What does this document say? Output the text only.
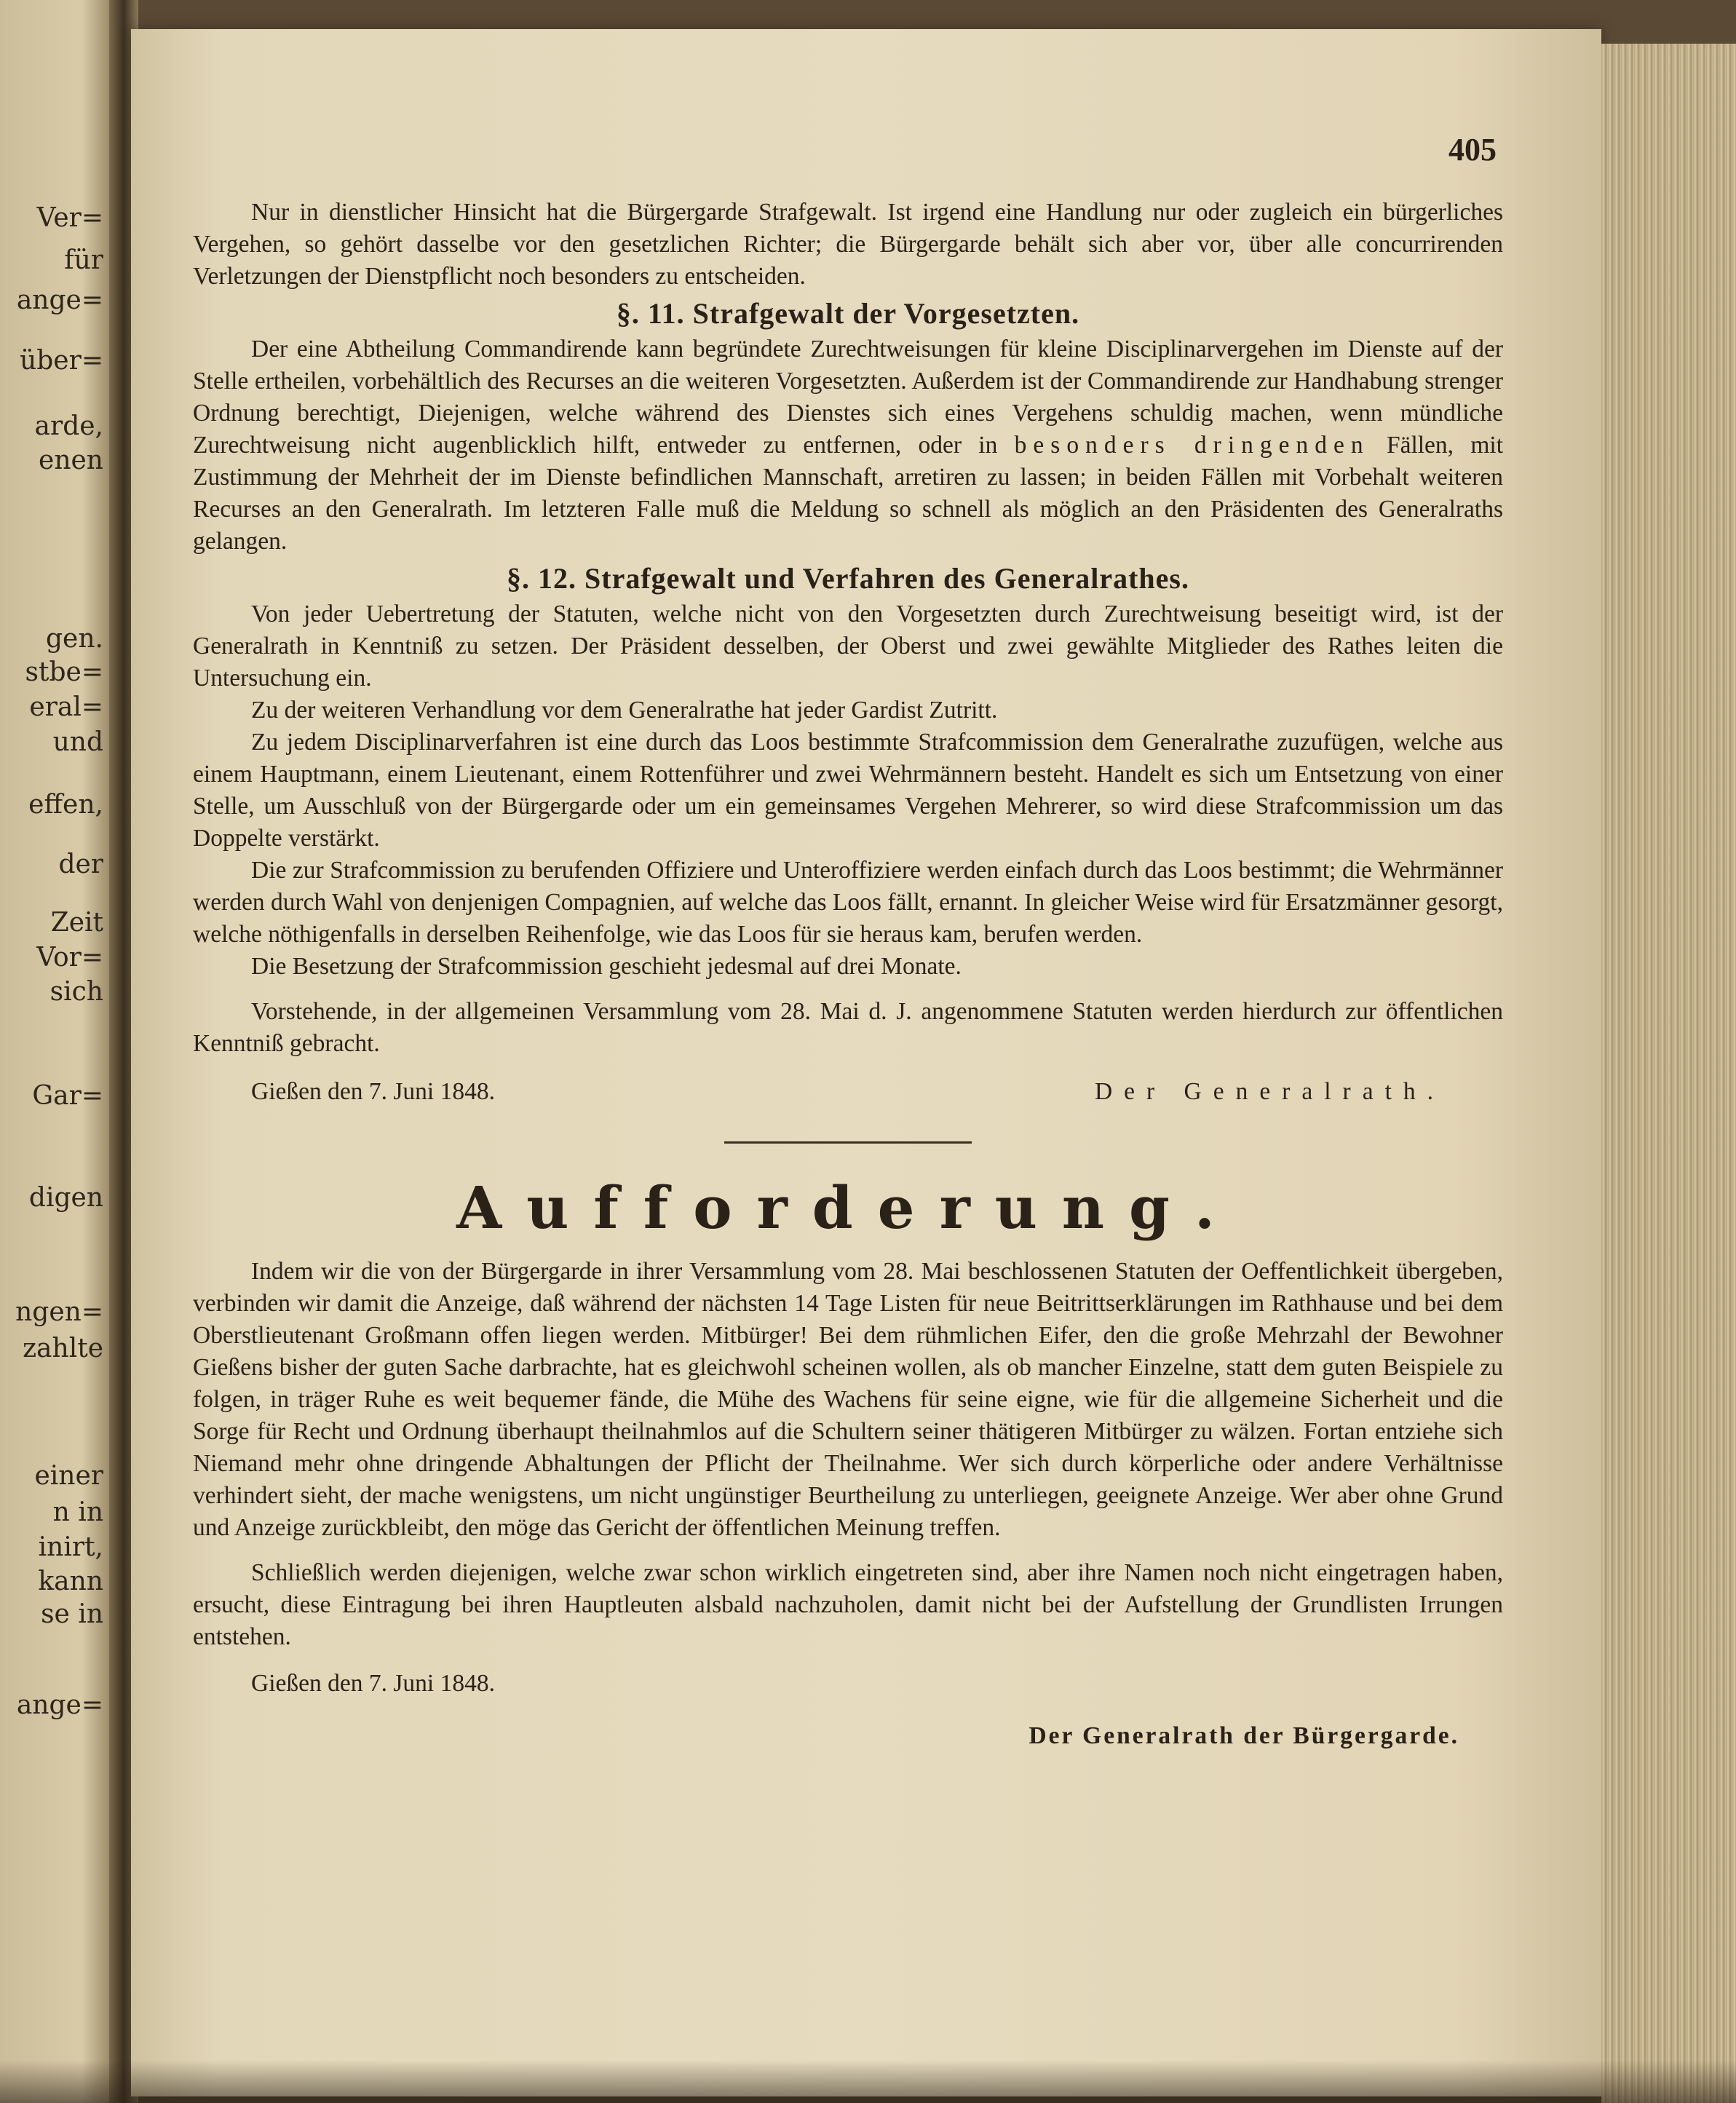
Ver=
für
ange=
über=
arde,
enen
gen.
stbe=
eral=
und
effen,
der
Zeit
Vor=
sich
Gar=
digen
ngen=
zahlte
einer
n in
inirt,
kann
se in
ange=
405

Nur in dienstlicher Hinsicht hat die Bürgergarde Strafgewalt. Ist irgend eine Handlung nur oder zugleich ein bürgerliches Vergehen, so gehört dasselbe vor den gesetzlichen Richter; die Bürgergarde behält sich aber vor, über alle concurrirenden Verletzungen der Dienstpflicht noch besonders zu entscheiden.

§. 11. Strafgewalt der Vorgesetzten.

Der eine Abtheilung Commandirende kann begründete Zurechtweisungen für kleine Disciplinarvergehen im Dienste auf der Stelle ertheilen, vorbehältlich des Recurses an die weiteren Vorgesetzten. Außerdem ist der Commandirende zur Handhabung strenger Ordnung berechtigt, Diejenigen, welche während des Dienstes sich eines Vergehens schuldig machen, wenn mündliche Zurechtweisung nicht augenblicklich hilft, entweder zu entfernen, oder in besonders dringenden Fällen, mit Zustimmung der Mehrheit der im Dienste befindlichen Mannschaft, arretiren zu lassen; in beiden Fällen mit Vorbehalt weiteren Recurses an den Generalrath. Im letzteren Falle muß die Meldung so schnell als möglich an den Präsidenten des Generalraths gelangen.

§. 12. Strafgewalt und Verfahren des Generalrathes.

Von jeder Uebertretung der Statuten, welche nicht von den Vorgesetzten durch Zurechtweisung beseitigt wird, ist der Generalrath in Kenntniß zu setzen. Der Präsident desselben, der Oberst und zwei gewählte Mitglieder des Rathes leiten die Untersuchung ein.

Zu der weiteren Verhandlung vor dem Generalrathe hat jeder Gardist Zutritt.

Zu jedem Disciplinarverfahren ist eine durch das Loos bestimmte Strafcommission dem Generalrathe zuzufügen, welche aus einem Hauptmann, einem Lieutenant, einem Rottenführer und zwei Wehrmännern besteht. Handelt es sich um Entsetzung von einer Stelle, um Ausschluß von der Bürgergarde oder um ein gemeinsames Vergehen Mehrerer, so wird diese Strafcommission um das Doppelte verstärkt.

Die zur Strafcommission zu berufenden Offiziere und Unteroffiziere werden einfach durch das Loos bestimmt; die Wehrmänner werden durch Wahl von denjenigen Compagnien, auf welche das Loos fällt, ernannt. In gleicher Weise wird für Ersatzmänner gesorgt, welche nöthigenfalls in derselben Reihenfolge, wie das Loos für sie heraus kam, berufen werden.

Die Besetzung der Strafcommission geschieht jedesmal auf drei Monate.

Vorstehende, in der allgemeinen Versammlung vom 28. Mai d. J. angenommene Statuten werden hierdurch zur öffentlichen Kenntniß gebracht.

Gießen den 7. Juni 1848.	Der Generalrath.
Aufforderung.

Indem wir die von der Bürgergarde in ihrer Versammlung vom 28. Mai beschlossenen Statuten der Oeffentlichkeit übergeben, verbinden wir damit die Anzeige, daß während der nächsten 14 Tage Listen für neue Beitrittserklärungen im Rathhause und bei dem Oberstlieutenant Großmann offen liegen werden. Mitbürger! Bei dem rühmlichen Eifer, den die große Mehrzahl der Bewohner Gießens bisher der guten Sache darbrachte, hat es gleichwohl scheinen wollen, als ob mancher Einzelne, statt dem guten Beispiele zu folgen, in träger Ruhe es weit bequemer fände, die Mühe des Wachens für seine eigne, wie für die allgemeine Sicherheit und die Sorge für Recht und Ordnung überhaupt theilnahmlos auf die Schultern seiner thätigeren Mitbürger zu wälzen. Fortan entziehe sich Niemand mehr ohne dringende Abhaltungen der Pflicht der Theilnahme. Wer sich durch körperliche oder andere Verhältnisse verhindert sieht, der mache wenigstens, um nicht ungünstiger Beurtheilung zu unterliegen, geeignete Anzeige. Wer aber ohne Grund und Anzeige zurückbleibt, den möge das Gericht der öffentlichen Meinung treffen.

Schließlich werden diejenigen, welche zwar schon wirklich eingetreten sind, aber ihre Namen noch nicht eingetragen haben, ersucht, diese Eintragung bei ihren Hauptleuten alsbald nachzuholen, damit nicht bei der Aufstellung der Grundlisten Irrungen entstehen.

Gießen den 7. Juni 1848.
Der Generalrath der Bürgergarde.
